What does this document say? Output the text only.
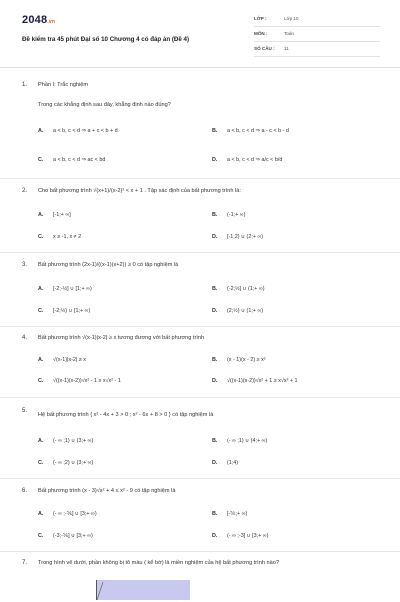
2048.vn
Đề kiểm tra 45 phút Đại số 10 Chương 4 có đáp án (Đề 4)
LỚP :	Lớp 10
MÔN :	Toán
SỐ CÂU : 11
1. Phần I: Trắc nghiệm
Trong các khẳng định sau đây, khẳng định nào đúng?
A. a < b, c < d ⇒ a + c < b + d	B. a < b, c < d ⇒ a - c < b - d
C. a < b, c < d ⇒ ac < bd	D. a < b, c < d ⇒ a/c < b/d
2. Cho bất phương trình √(x+1)/(x-2)² < x + 1 . Tập xác định của bất phương trình là:
A. [-1;+ ∞]	B. (-1;+ ∞)
C. x ≥ -1, x ≠ 2	D. [-1;2) ∪ (2;+ ∞)
3. Bất phương trình (2x-1)/((x-1)(x+2)) ≥ 0 có tập nghiệm là
A. [-2;-½] ∪ [1;+ ∞)	B. (-2;½] ∪ (1;+ ∞)
C. [-2;½) ∪ [1;+ ∞)	D. (2;½) ∪ (1;+ ∞)
4. Bất phương trình √(x-1)|x-2| ≥ x tương đương với bất phương trình
A. √(x-1)|x-2| ≥ x	B. (x - 1)(x - 2) ≥ x²
C. √((x-1)(x-2))√x² - 1 ≥ x√x² - 1	D. √((x-1)(x-2))√x² + 1 ≥ x√x² + 1
5.
Hệ bất phương trình { x² - 4x + 3 > 0 ; x² - 6x + 8 > 0 } có tập nghiệm là
A. (- ∞ ;1) ∪ (3;+ ∞)	B. (- ∞ ;1) ∪ (4;+ ∞)
C. (- ∞ ;2) ∪ (3;+ ∞)	D. (1;4)
6. Bất phương trình (x - 3)√x² + 4 ≤ x² - 9 có tập nghiệm là
A. (- ∞ ;-⅚] ∪ [3;+ ∞)	B. [-⅚;+ ∞)
C. (-3;-⅚] ∪ [3;+ ∞)	D. (- ∞ ;-3] ∪ [3;+ ∞)
7. Trong hình vẽ dưới, phần không bị tô màu ( kể bờ) là miền nghiệm của hệ bất phương trình nào?
